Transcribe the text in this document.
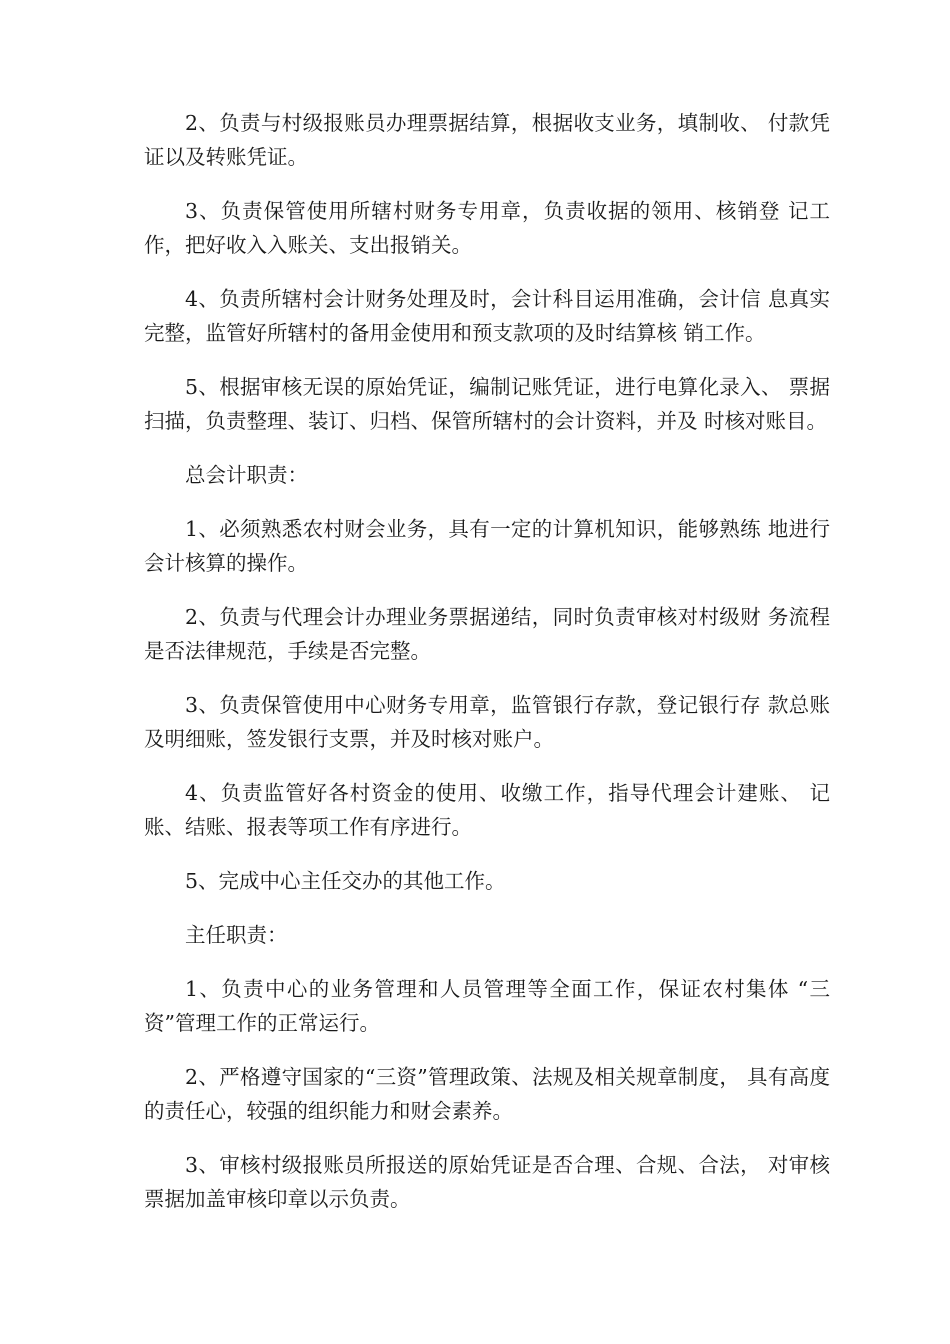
2、负责与村级报账员办理票据结算，根据收支业务，填制收、 付款凭证以及转账凭证。

3、负责保管使用所辖村财务专用章，负责收据的领用、核销登 记工作，把好收入入账关、支出报销关。

4、负责所辖村会计财务处理及时，会计科目运用准确，会计信 息真实完整，监管好所辖村的备用金使用和预支款项的及时结算核 销工作。

5、根据审核无误的原始凭证，编制记账凭证，进行电算化录入、 票据扫描，负责整理、装订、归档、保管所辖村的会计资料，并及 时核对账目。

总会计职责：

1、必须熟悉农村财会业务，具有一定的计算机知识，能够熟练 地进行会计核算的操作。

2、负责与代理会计办理业务票据递结，同时负责审核对村级财 务流程是否法律规范，手续是否完整。

3、负责保管使用中心财务专用章，监管银行存款，登记银行存 款总账及明细账，签发银行支票，并及时核对账户。

4、负责监管好各村资金的使用、收缴工作，指导代理会计建账、 记账、结账、报表等项工作有序进行。

5、完成中心主任交办的其他工作。

主任职责：

1、负责中心的业务管理和人员管理等全面工作，保证农村集体 “三资”管理工作的正常运行。

2、严格遵守国家的“三资”管理政策、法规及相关规章制度， 具有高度的责任心，较强的组织能力和财会素养。

3、审核村级报账员所报送的原始凭证是否合理、合规、合法， 对审核票据加盖审核印章以示负责。
